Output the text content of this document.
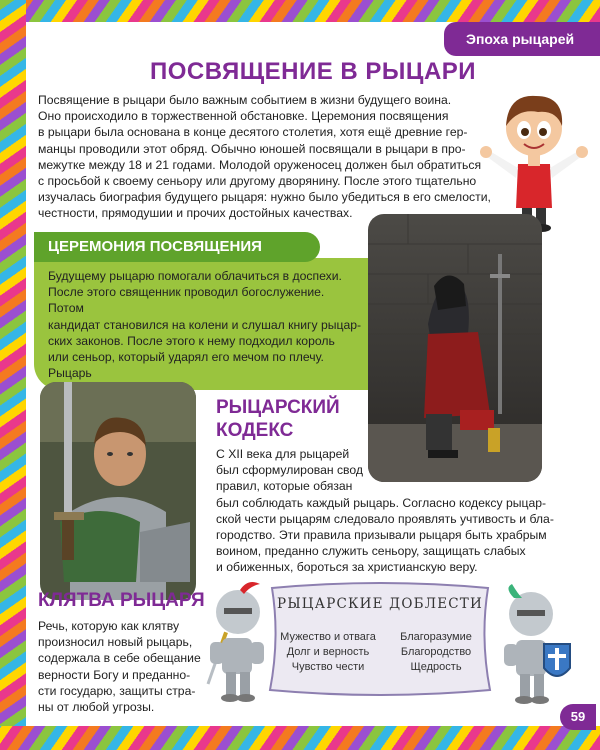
Эпоха рыцарей
ПОСВЯЩЕНИЕ В РЫЦАРИ
Посвящение в рыцари было важным событием в жизни будущего воина.
Оно происходило в торжественной обстановке. Церемония посвящения
в рыцари была основана в конце десятого столетия, хотя ещё древние гер-
манцы проводили этот обряд. Обычно юношей посвящали в рыцари в про-
межутке между 18 и 21 годами. Молодой оруженосец должен был обратиться
с просьбой к своему сеньору или другому дворянину. После этого тщательно
изучалась биография будущего рыцаря: нужно было убедиться в его смелости,
честности, прямодушии и прочих достойных качествах.
ЦЕРЕМОНИЯ ПОСВЯЩЕНИЯ
Будущему рыцарю помогали облачиться в доспехи.
После этого священник проводил богослужение. Потом
кандидат становился на колени и слушал книгу рыцар-
ских законов. После этого к нему подходил король
или сеньор, который ударял его мечом по плечу. Рыцарь
РЫЦАРСКИЙ
КОДЕКС
С XII века для рыцарей
был сформулирован свод
правил, которые обязан
был соблюдать каждый рыцарь. Согласно кодексу рыцар-
ской чести рыцарям следовало проявлять учтивость и бла-
городство. Эти правила призывали рыцаря быть храбрым
воином, преданно служить сеньору, защищать слабых
и обиженных, бороться за христианскую веру.
КЛЯТВА РЫЦАРЯ
Речь, которую как клятву
произносил новый рыцарь,
содержала в себе обещание
верности Богу и преданно-
сти государю, защиты стра-
ны от любой угрозы.
РЫЦАРСКИЕ ДОБЛЕСТИ
Мужество и отвага
Долг и верность
Чувство чести
Благоразумие
Благородство
Щедрость
59
